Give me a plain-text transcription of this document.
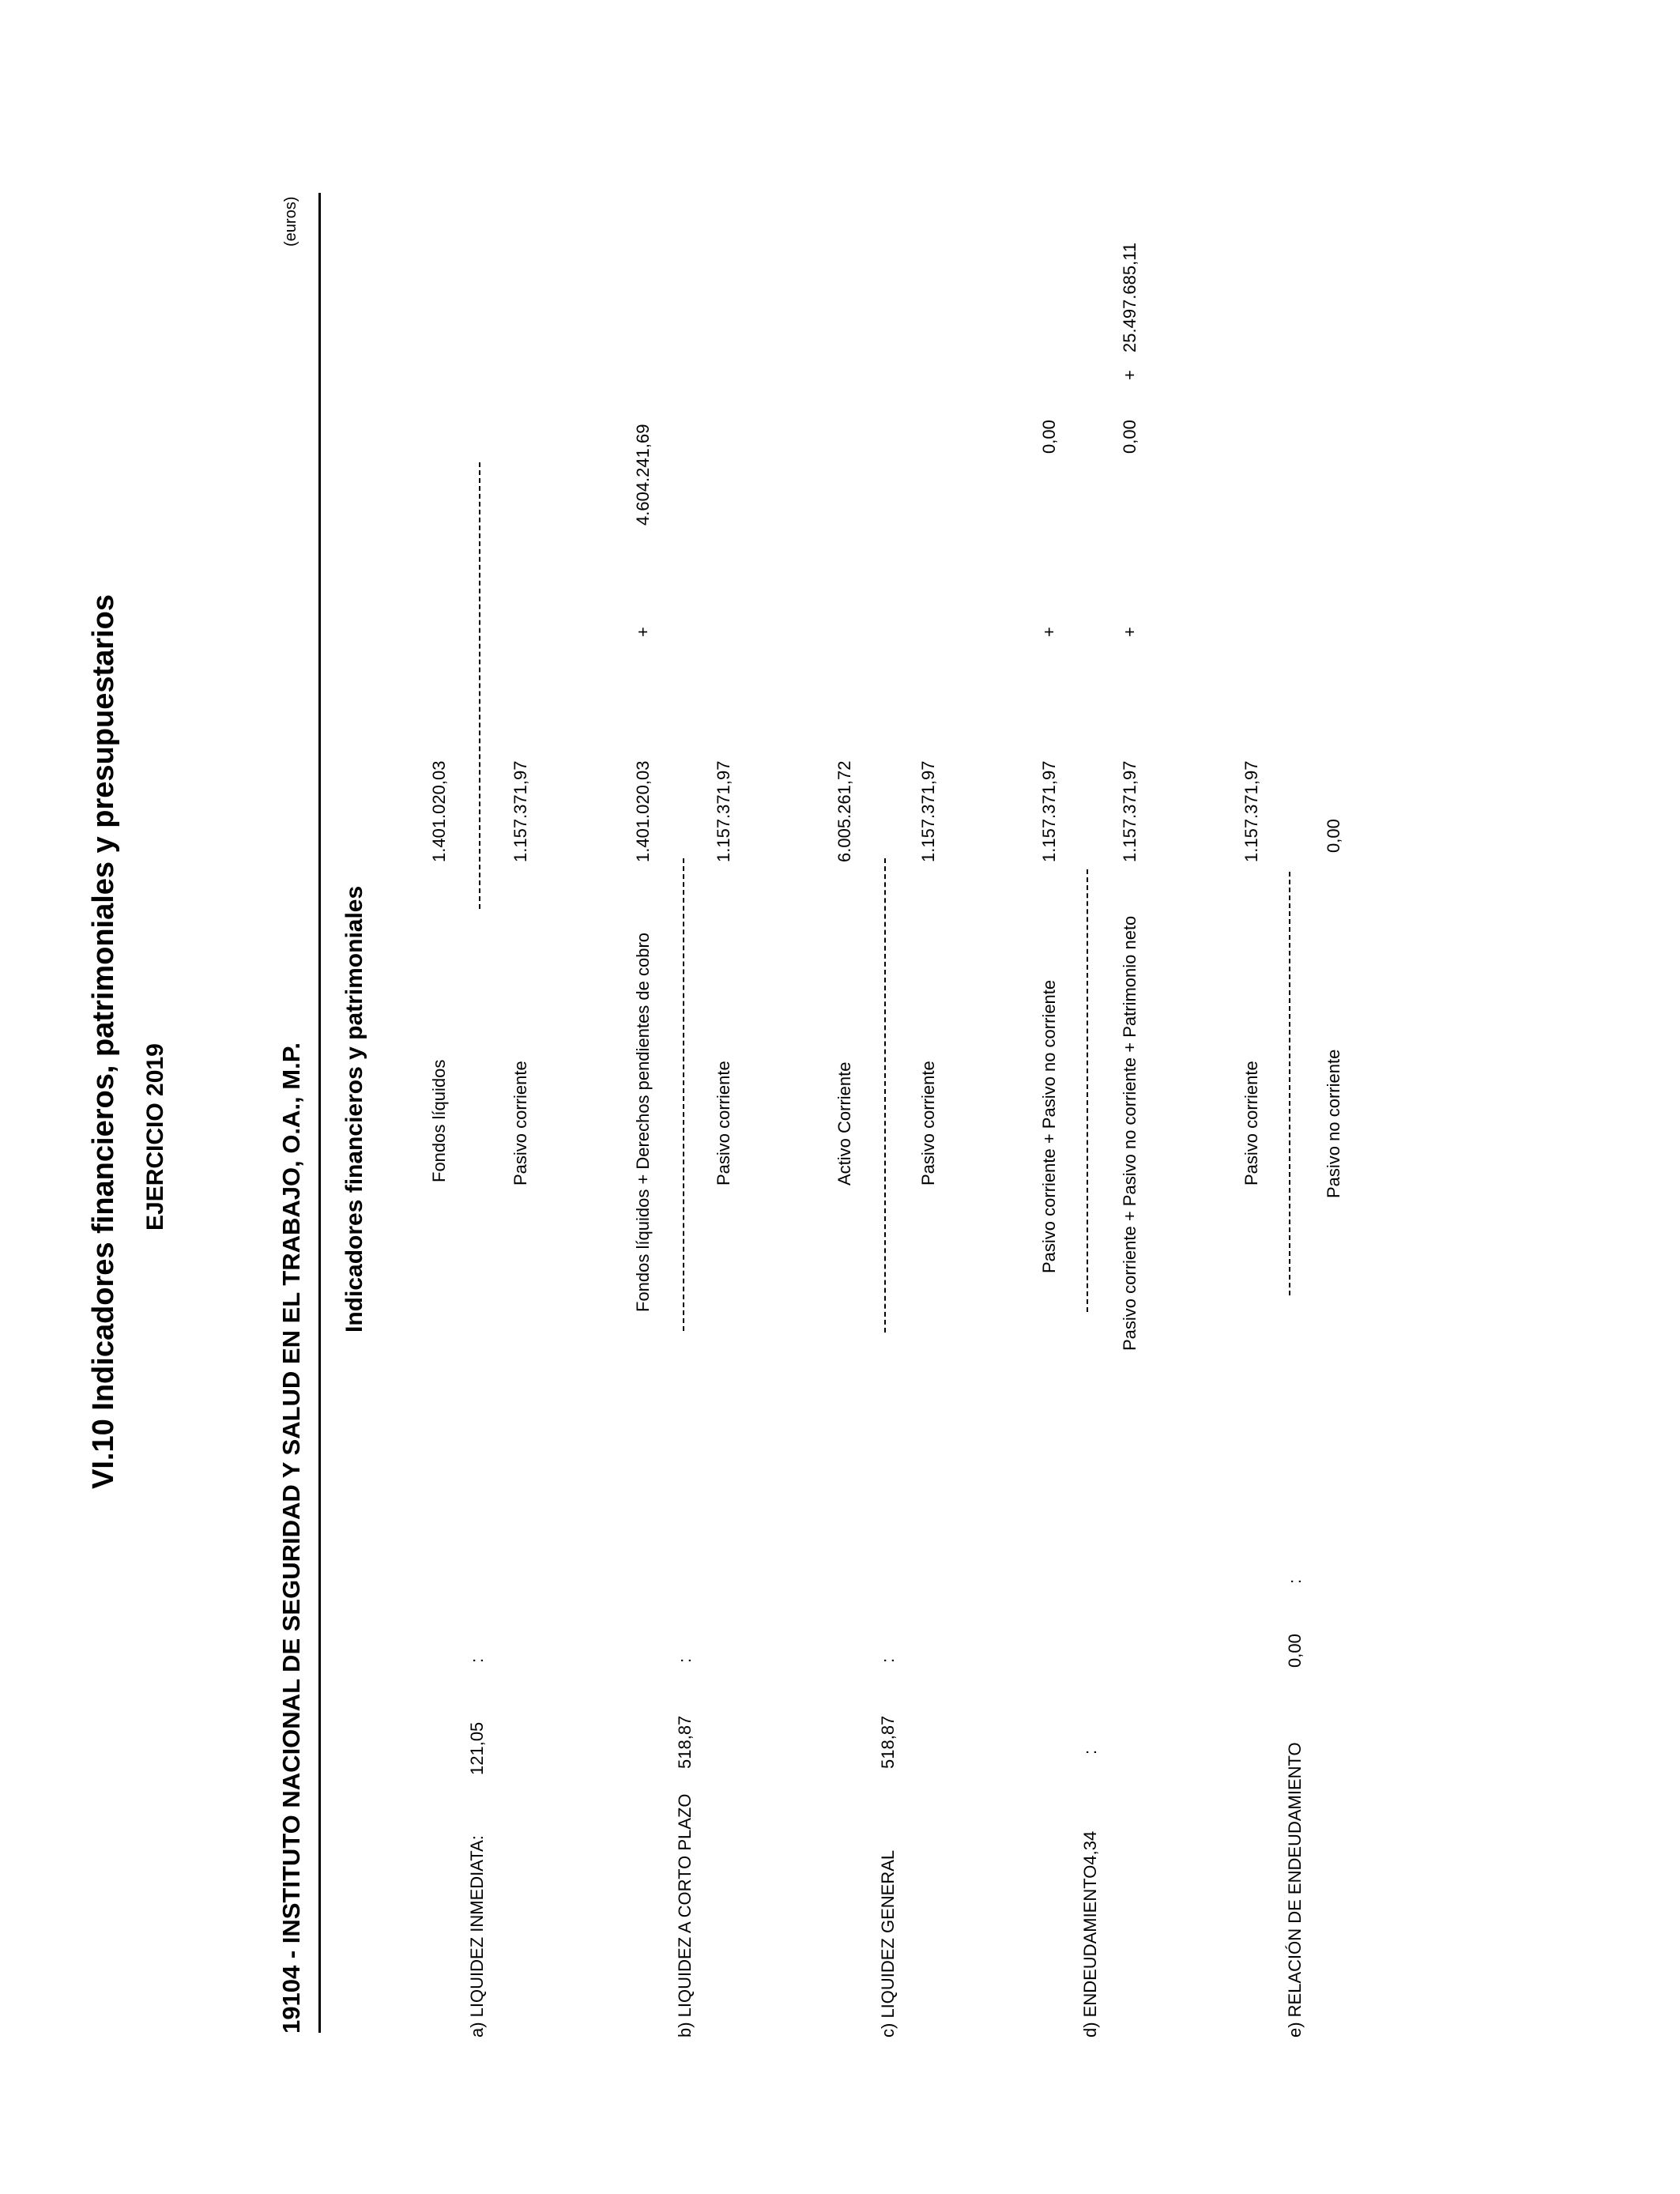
VI.10 Indicadores financieros, patrimoniales y presupuestarios EJERCICIO 2019	19104 - INSTITUTO NACIONAL DE SEGURIDAD Y SALUD EN EL TRABAJO, O.A., M.P.
(euros)
Indicadores financieros y patrimoniales
a) LIQUIDEZ INMEDIATA:
121,05
:
Fondos líquidos
1.401.020,03
Pasivo corriente
1.157.371,97
b) LIQUIDEZ A CORTO PLAZO
518,87
:
Fondos líquidos + Derechos pendientes de cobro
1.401.020,03
+
4.604.241,69
Pasivo corriente
1.157.371,97
c) LIQUIDEZ GENERAL
518,87
:
Activo Corriente
6.005.261,72
Pasivo corriente
1.157.371,97
d) ENDEUDAMIENTO4,34
:
Pasivo corriente + Pasivo no corriente
1.157.371,97
+
0,00
Pasivo corriente + Pasivo no corriente + Patrimonio neto
1.157.371,97
+
0,00
+
25.497.685,11
e) RELACIÓN DE ENDEUDAMIENTO
0,00
:
Pasivo corriente
1.157.371,97
Pasivo no corriente
0,00
